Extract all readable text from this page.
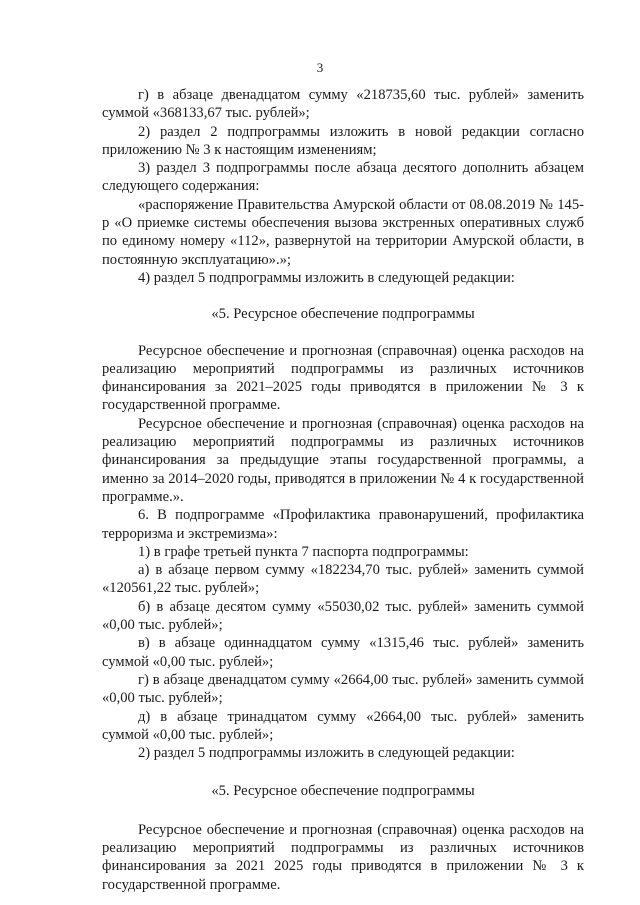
3

г) в абзаце двенадцатом сумму «218735,60 тыс. рублей» заменить суммой «368133,67 тыс. рублей»;

2) раздел 2 подпрограммы изложить в новой редакции согласно приложению № 3 к настоящим изменениям;

3) раздел 3 подпрограммы после абзаца десятого дополнить абзацем следующего содержания:

«распоряжение Правительства Амурской области от 08.08.2019 № 145-р «О приемке системы обеспечения вызова экстренных оперативных служб по единому номеру «112», развернутой на территории Амурской области, в постоянную эксплуатацию».»;

4) раздел 5 подпрограммы изложить в следующей редакции:

«5. Ресурсное обеспечение подпрограммы

Ресурсное обеспечение и прогнозная (справочная) оценка расходов на реализацию мероприятий подпрограммы из различных источников финансирования за 2021–2025 годы приводятся в приложении № 3 к государственной программе.

Ресурсное обеспечение и прогнозная (справочная) оценка расходов на реализацию мероприятий подпрограммы из различных источников финансирования за предыдущие этапы государственной программы, а именно за 2014–2020 годы, приводятся в приложении № 4 к государственной программе.».

6. В подпрограмме «Профилактика правонарушений, профилактика терроризма и экстремизма»:

1) в графе третьей пункта 7 паспорта подпрограммы:

а) в абзаце первом сумму «182234,70 тыс. рублей» заменить суммой «120561,22 тыс. рублей»;

б) в абзаце десятом сумму «55030,02 тыс. рублей» заменить суммой «0,00 тыс. рублей»;

в) в абзаце одиннадцатом сумму «1315,46 тыс. рублей» заменить суммой «0,00 тыс. рублей»;

г) в абзаце двенадцатом сумму «2664,00 тыс. рублей» заменить суммой «0,00 тыс. рублей»;

д) в абзаце тринадцатом сумму «2664,00 тыс. рублей» заменить суммой «0,00 тыс. рублей»;

2) раздел 5 подпрограммы изложить в следующей редакции:

«5. Ресурсное обеспечение подпрограммы

Ресурсное обеспечение и прогнозная (справочная) оценка расходов на реализацию мероприятий подпрограммы из различных источников финансирования за 2021 2025 годы приводятся в приложении № 3 к государственной программе.
